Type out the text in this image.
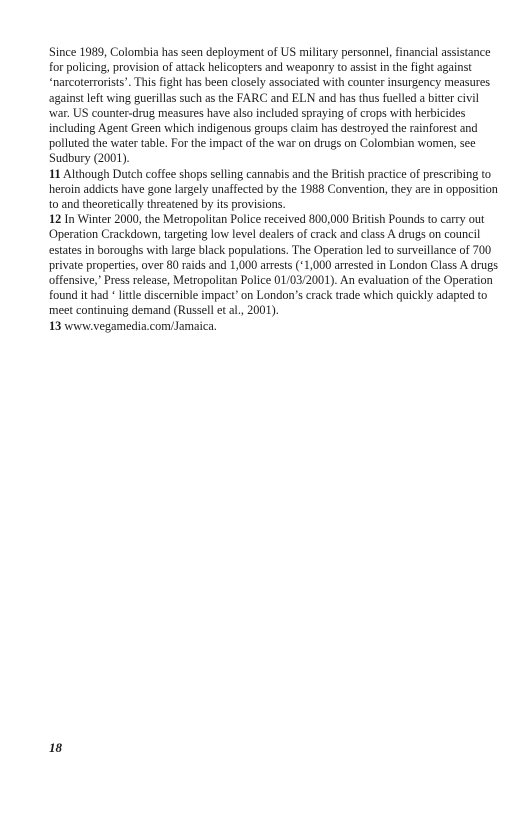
Since 1989, Colombia has seen deployment of US military personnel, financial assistance for policing, provision of attack helicopters and weaponry to assist in the fight against ‘narcoterrorists’. This fight has been closely associated with counter insurgency measures against left wing guerillas such as the FARC and ELN and has thus fuelled a bitter civil war. US counter-drug measures have also included spraying of crops with herbicides including Agent Green which indigenous groups claim has destroyed the rainforest and polluted the water table. For the impact of the war on drugs on Colombian women, see Sudbury (2001).

11 Although Dutch coffee shops selling cannabis and the British practice of prescribing to heroin addicts have gone largely unaffected by the 1988 Convention, they are in opposition to and theoretically threatened by its provisions.

12 In Winter 2000, the Metropolitan Police received 800,000 British Pounds to carry out Operation Crackdown, targeting low level dealers of crack and class A drugs on council estates in boroughs with large black populations. The Operation led to surveillance of 700 private properties, over 80 raids and 1,000 arrests (‘1,000 arrested in London Class A drugs offensive,’ Press release, Metropolitan Police 01/03/2001). An evaluation of the Operation found it had ‘ little discernible impact’ on London’s crack trade which quickly adapted to meet continuing demand (Russell et al., 2001).

13 www.vegamedia.com/Jamaica.

18
